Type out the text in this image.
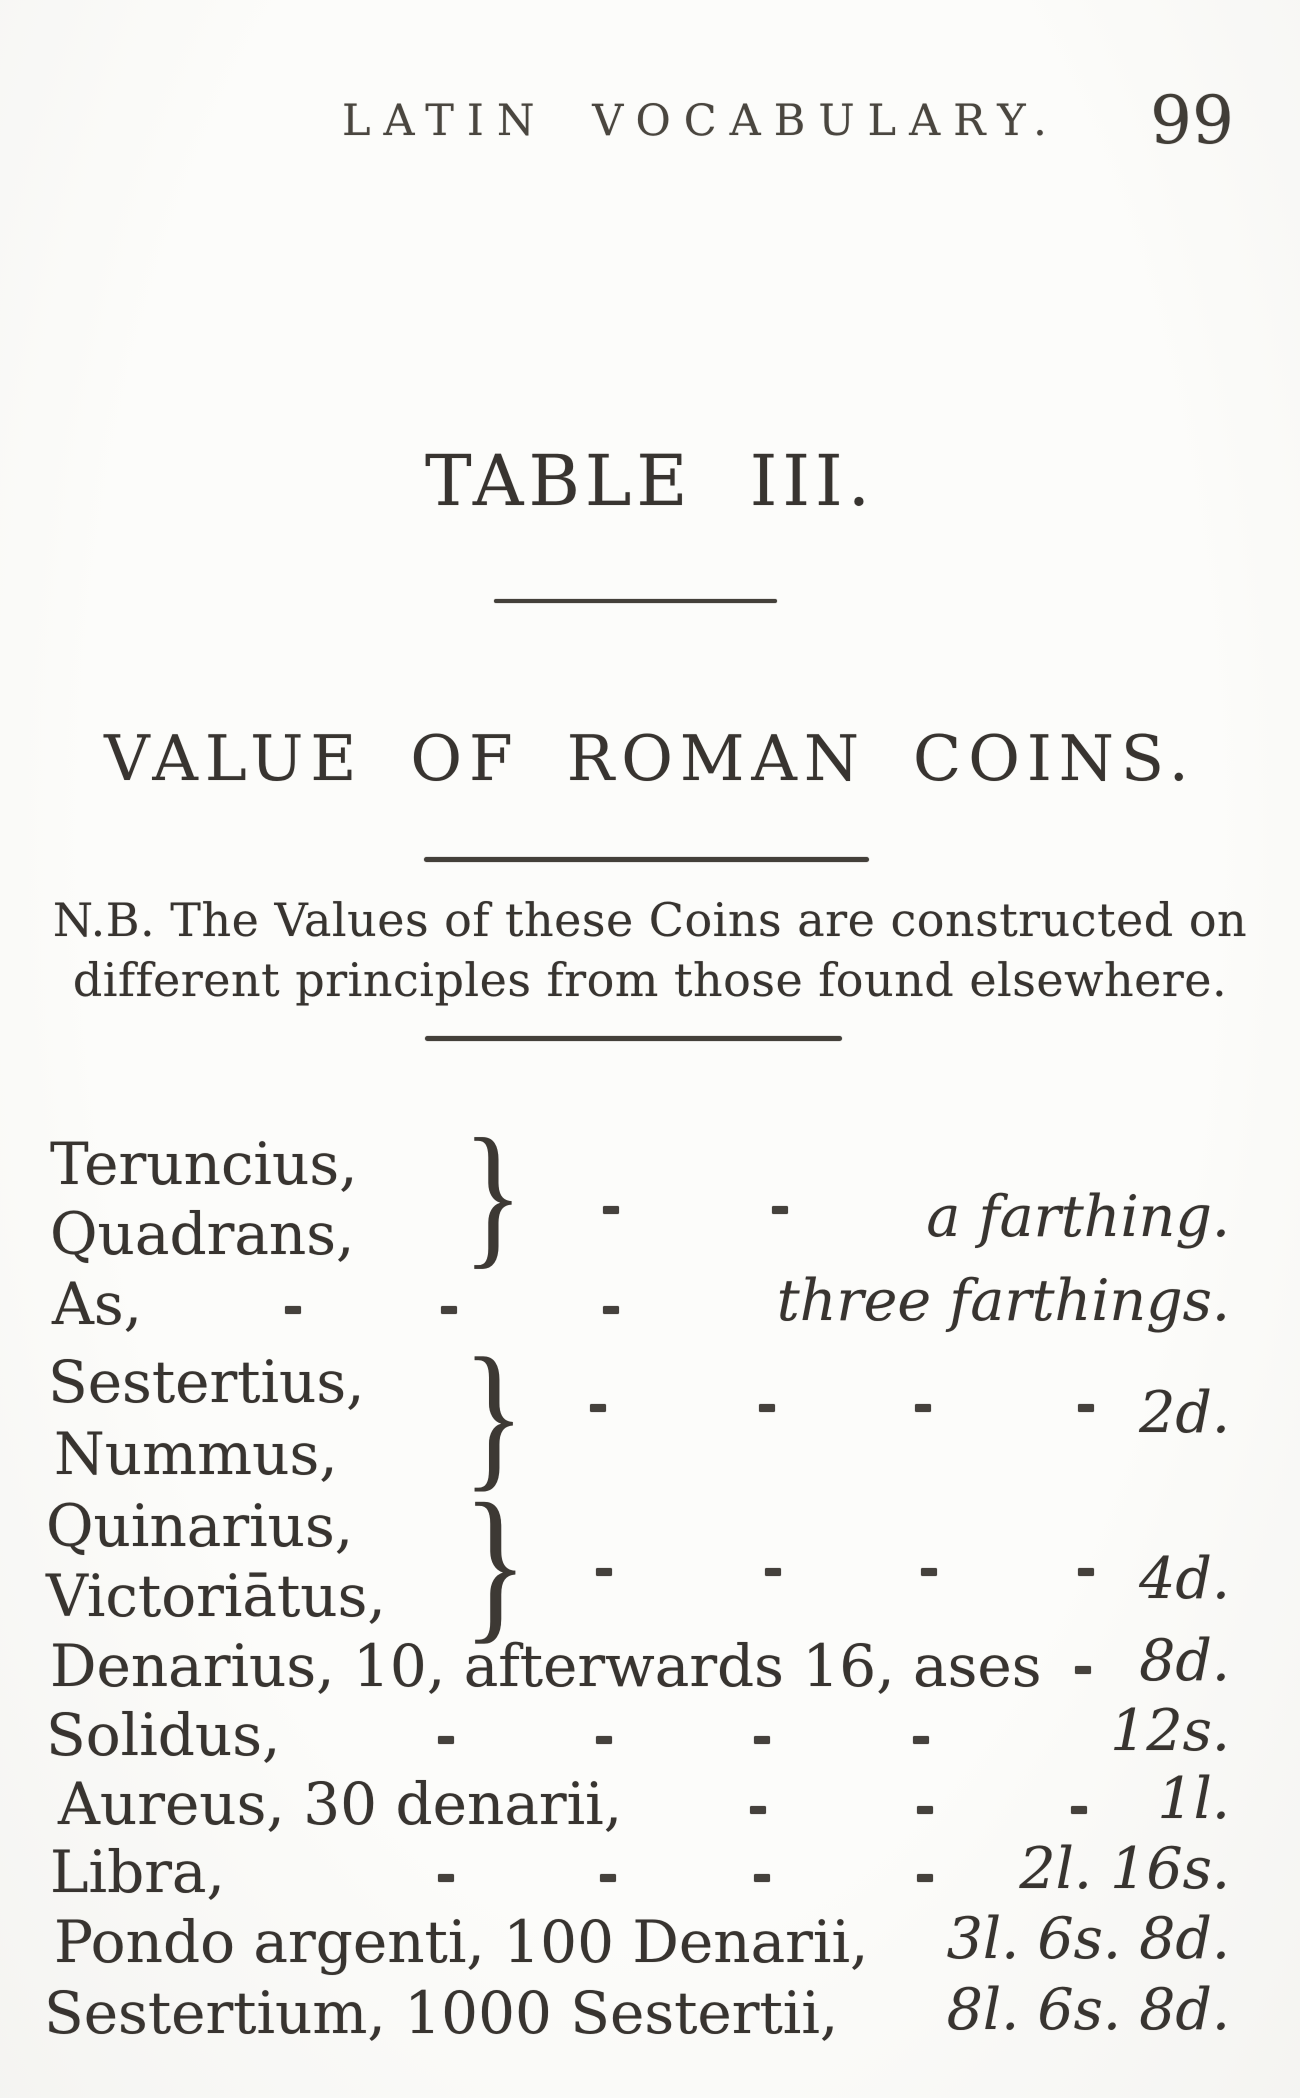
LATIN VOCABULARY. 99
TABLE III.
VALUE OF ROMAN COINS.
N.B. The Values of these Coins are constructed on
different principles from those found elsewhere.
Teruncius,
Quadrans, }	a farthing.
As,	three farthings.
Sestertius,
Nummus, }	2d.
Quinarius,
Victoriātus, }	4d.
Denarius, 10, afterwards 16, ases 8d.
Solidus,	12s.
Aureus, 30 denarii,	1l.
Libra,	2l. 16s.
Pondo argenti, 100 Denarii, 3l. 6s. 8d.
Sestertium, 1000 Sestertii, 8l. 6s. 8d.
